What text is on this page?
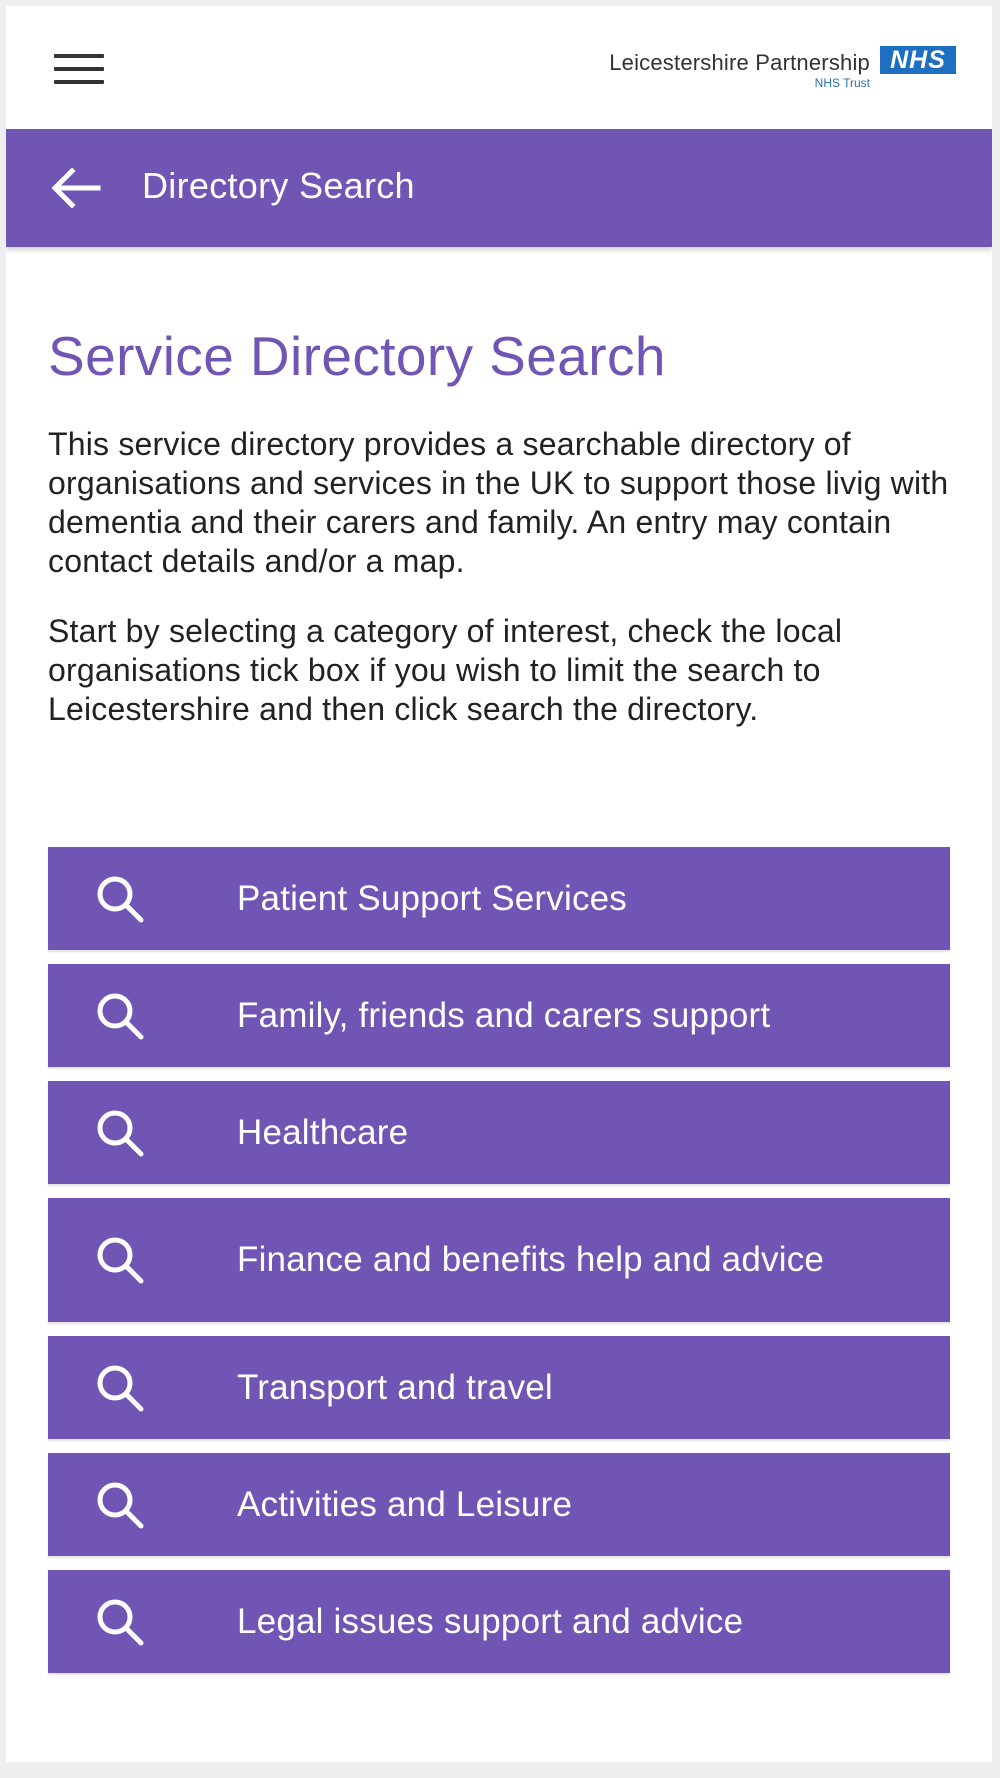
Leicestershire Partnership
NHS Trust
NHS
Directory Search
Service Directory Search

This service directory provides a searchable directory of organisations and services in the UK to support those livig with dementia and their carers and family. An entry may contain contact details and/or a map.

Start by selecting a category of interest, check the local organisations tick box if you wish to limit the search to Leicestershire and then click search the directory.

Patient Support Services
Family, friends and carers support
Healthcare
Finance and benefits help and advice
Transport and travel
Activities and Leisure
Legal issues support and advice
